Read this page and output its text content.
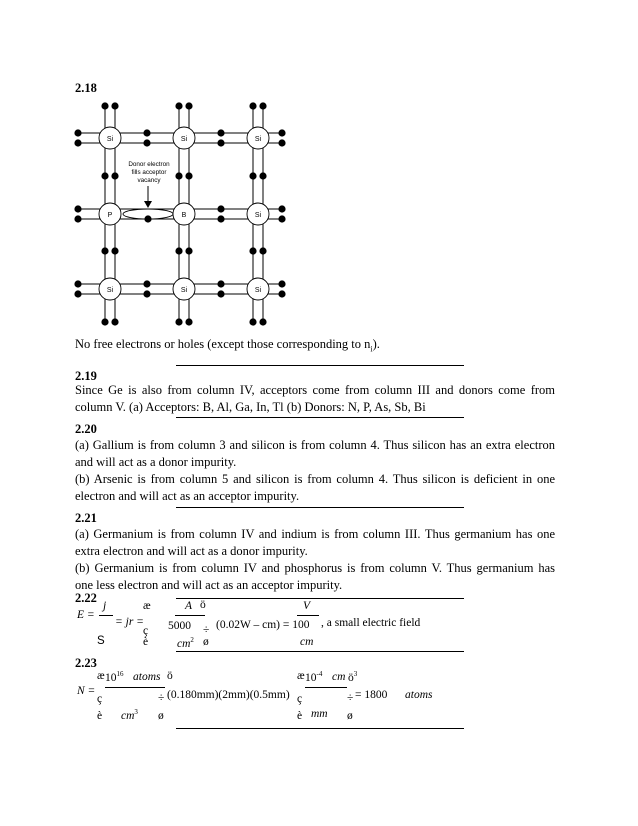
2.18
Si	Si	Si
P	B	Si
Si	Si	Si
Donor electron
fills acceptor
vacancy
No free electrons or holes (except those corresponding to $n_i$).
2.19
Since Ge is also from column IV, acceptors come from column III and donors come from
column V. (a) Acceptors: B, Al, Ga, In, Tl (b) Donors: N, P, As, Sb, Bi
2.20
(a) Gallium is from column 3 and silicon is from column 4. Thus silicon has an extra electron
and will act as a donor impurity.
(b) Arsenic is from column 5 and silicon is from column 4. Thus silicon is deficient in one
electron and will act as an acceptor impurity.
2.21
(a) Germanium is from column IV and indium is from column III. Thus germanium has one
extra electron and will act as a donor impurity.
(b) Germanium is from column IV and phosphorus is from column V. Thus germanium has
one less electron and will act as an acceptor impurity.
2.22
E =
j
S
= jr = 5000
æ
ç
è
A
$cm^2$
ö
÷
ø
(0.02W – cm) = 100
V
cm
, a small electric field
2.23
N =
æ
ç
è
$10^{16}$ atoms
$cm^3$
ö
÷
ø
(0.180mm)(2mm)(0.5mm)
æ
ç
è
$10^{-4}$ cm $ö^3$
mm
÷
ø
= 1800 atoms
